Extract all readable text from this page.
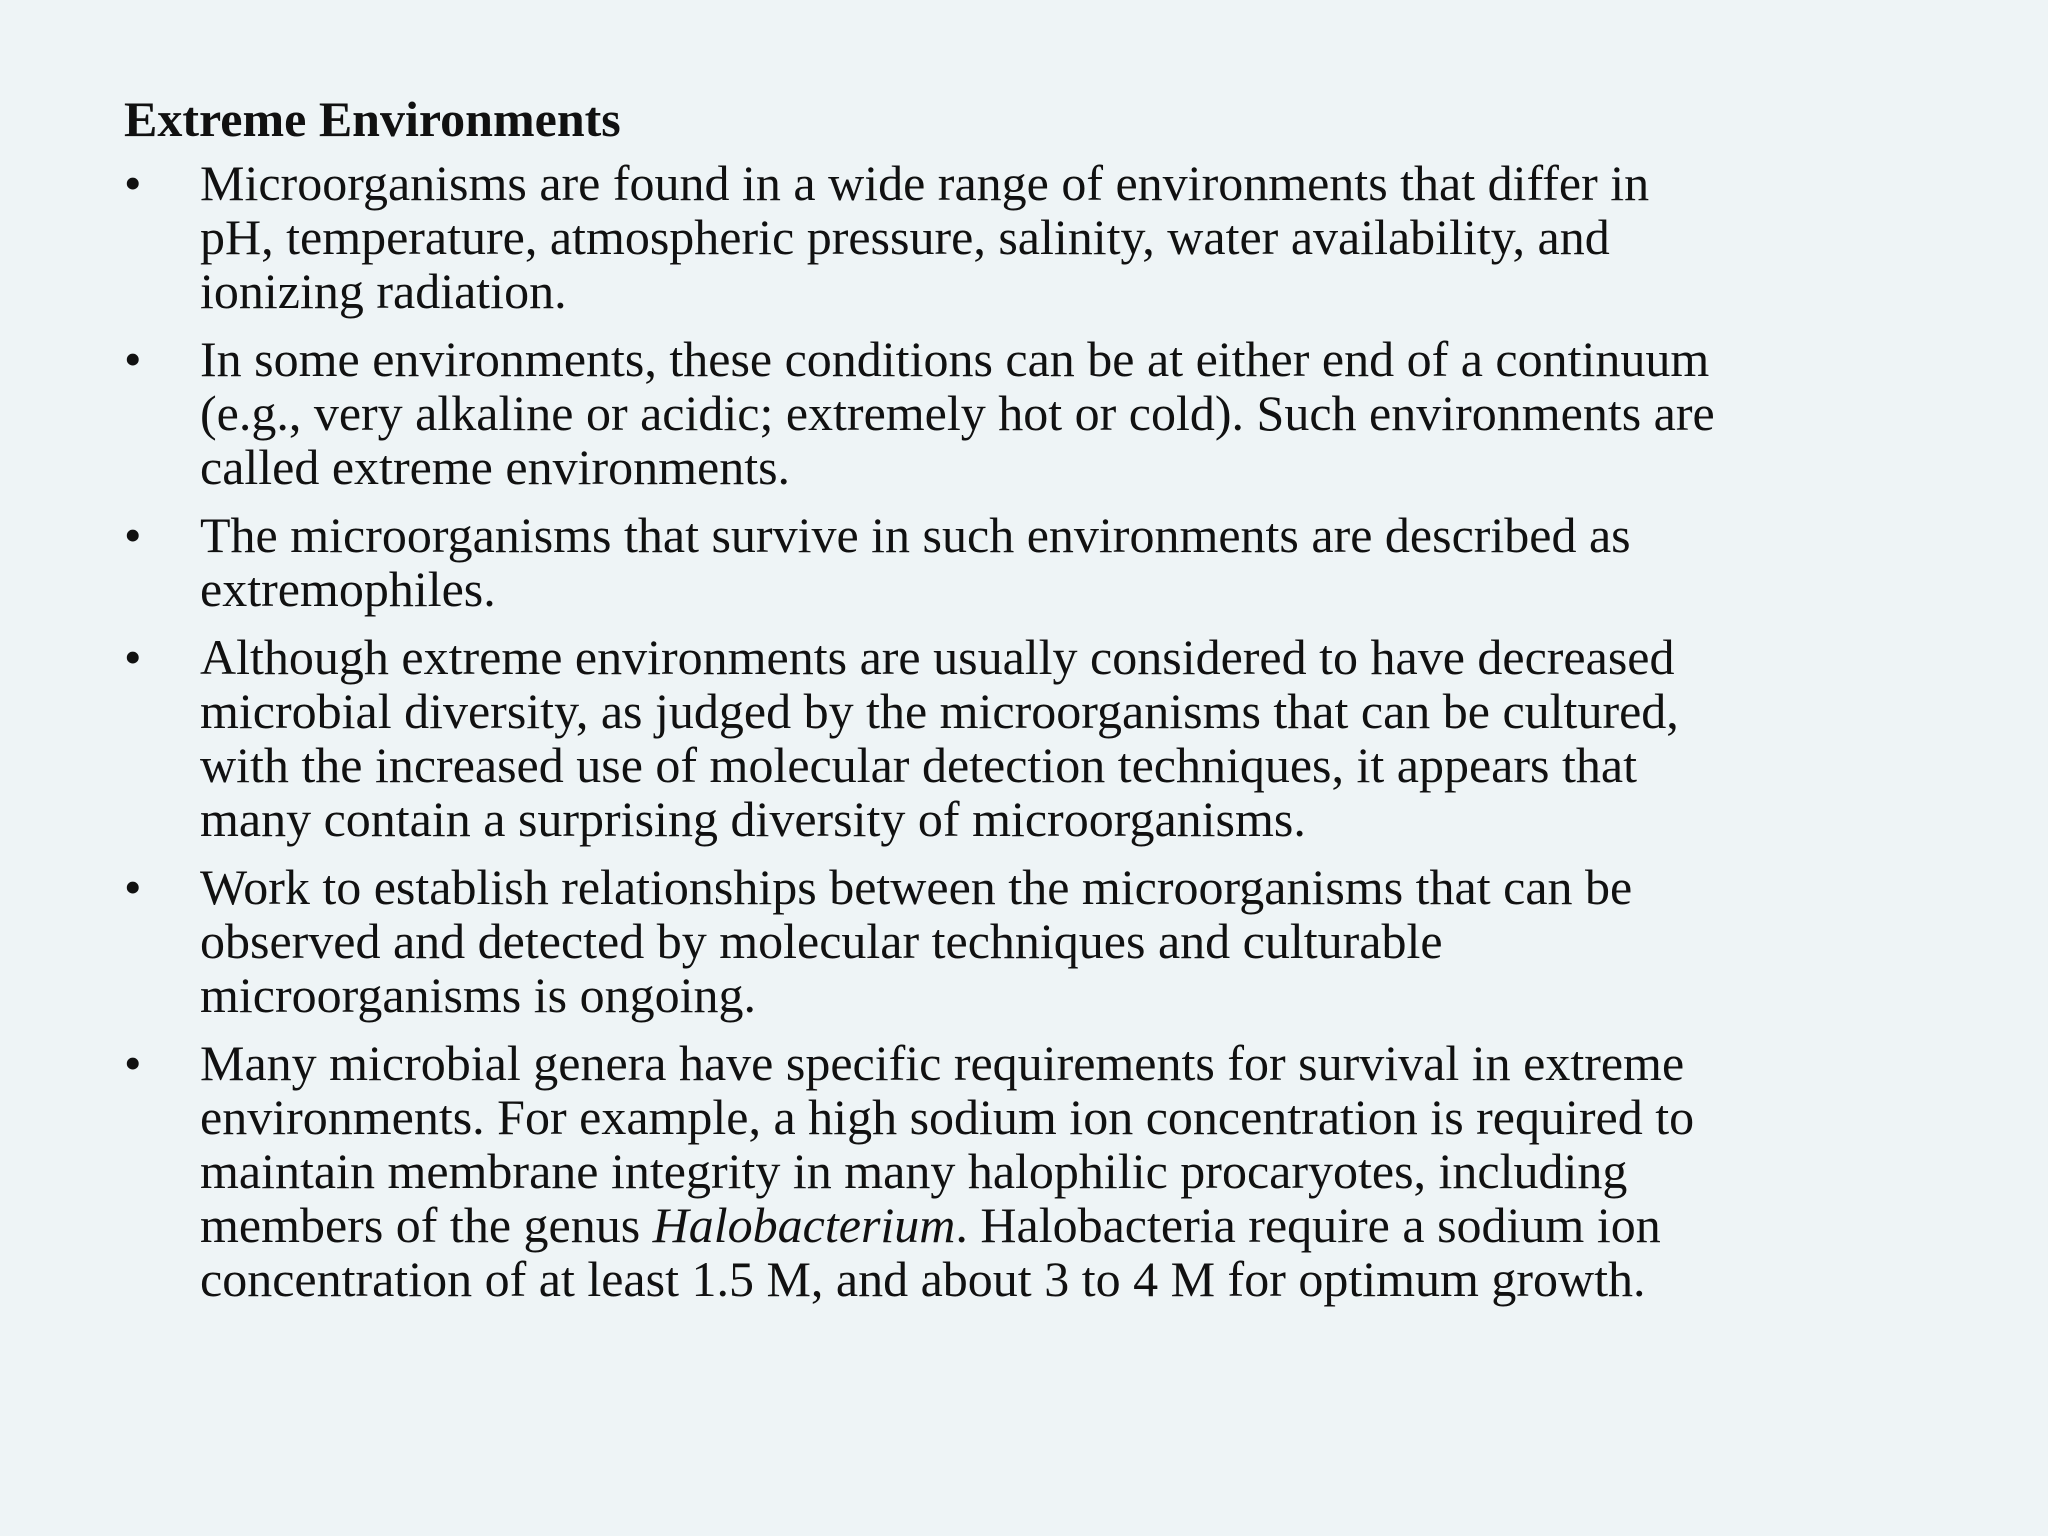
Extreme Environments
•	Microorganisms are found in a wide range of environments that differ in
pH, temperature, atmospheric pressure, salinity, water availability, and
ionizing radiation.
•	In some environments, these conditions can be at either end of a continuum
(e.g., very alkaline or acidic; extremely hot or cold). Such environments are
called extreme environments.
•	The microorganisms that survive in such environments are described as
extremophiles.
•	Although extreme environments are usually considered to have decreased
microbial diversity, as judged by the microorganisms that can be cultured,
with the increased use of molecular detection techniques, it appears that
many contain a surprising diversity of microorganisms.
•	Work to establish relationships between the microorganisms that can be
observed and detected by molecular techniques and culturable
microorganisms is ongoing.
•	Many microbial genera have specific requirements for survival in extreme
environments. For example, a high sodium ion concentration is required to
maintain membrane integrity in many halophilic procaryotes, including
members of the genus Halobacterium. Halobacteria require a sodium ion
concentration of at least 1.5 M, and about 3 to 4 M for optimum growth.
